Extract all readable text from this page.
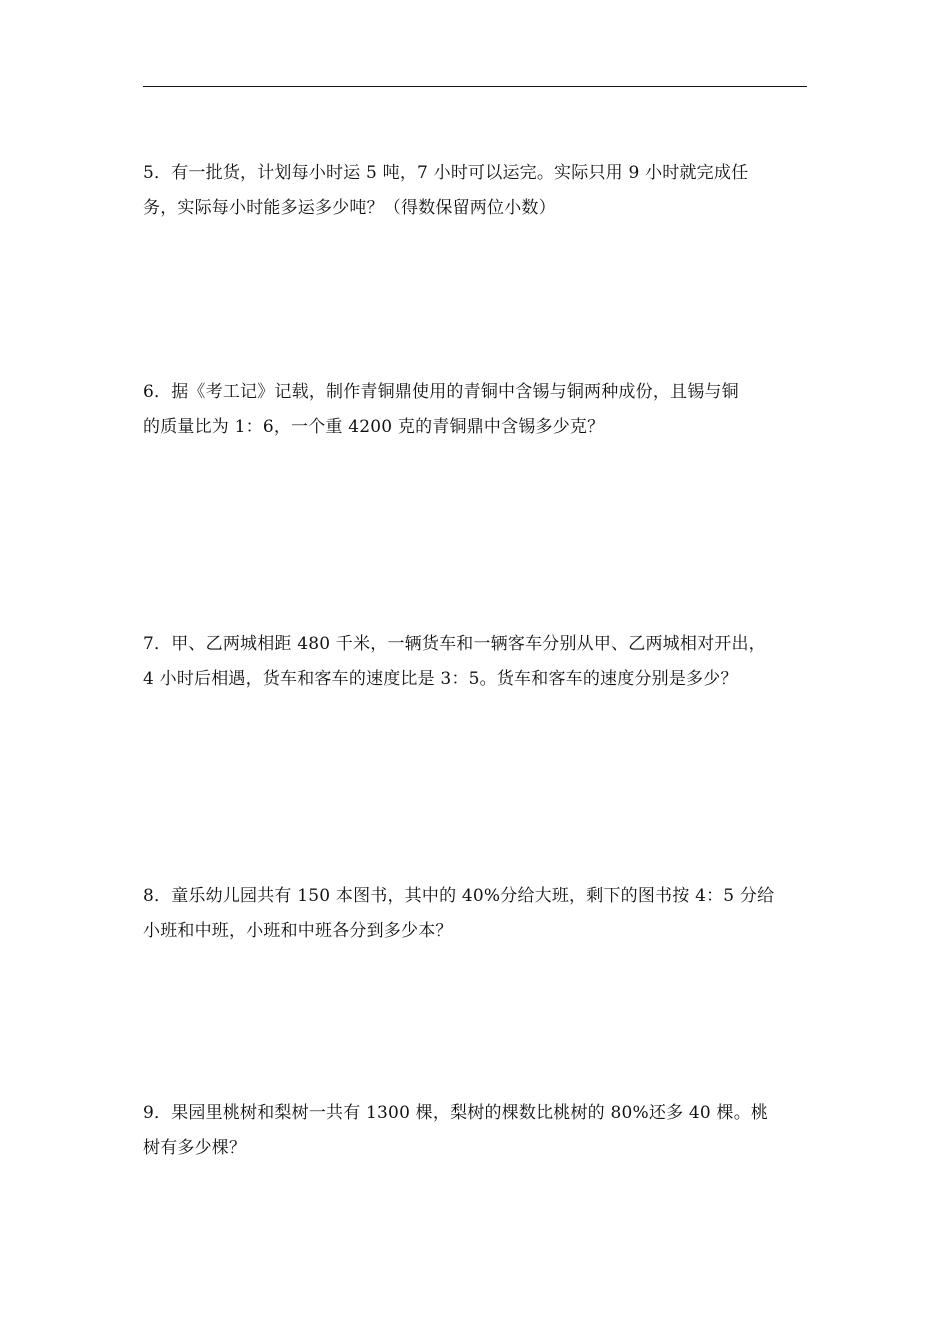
5．有一批货，计划每小时运 5 吨，7 小时可以运完。实际只用 9 小时就完成任
务，实际每小时能多运多少吨？（得数保留两位小数）

6．据《考工记》记载，制作青铜鼎使用的青铜中含锡与铜两种成份，且锡与铜
的质量比为 1：6，一个重 4200 克的青铜鼎中含锡多少克？

7．甲、乙两城相距 480 千米，一辆货车和一辆客车分别从甲、乙两城相对开出，
4 小时后相遇，货车和客车的速度比是 3：5。货车和客车的速度分别是多少？

8．童乐幼儿园共有 150 本图书，其中的 40%分给大班，剩下的图书按 4：5 分给
小班和中班，小班和中班各分到多少本？

9．果园里桃树和梨树一共有 1300 棵，梨树的棵数比桃树的 80%还多 40 棵。桃
树有多少棵？
